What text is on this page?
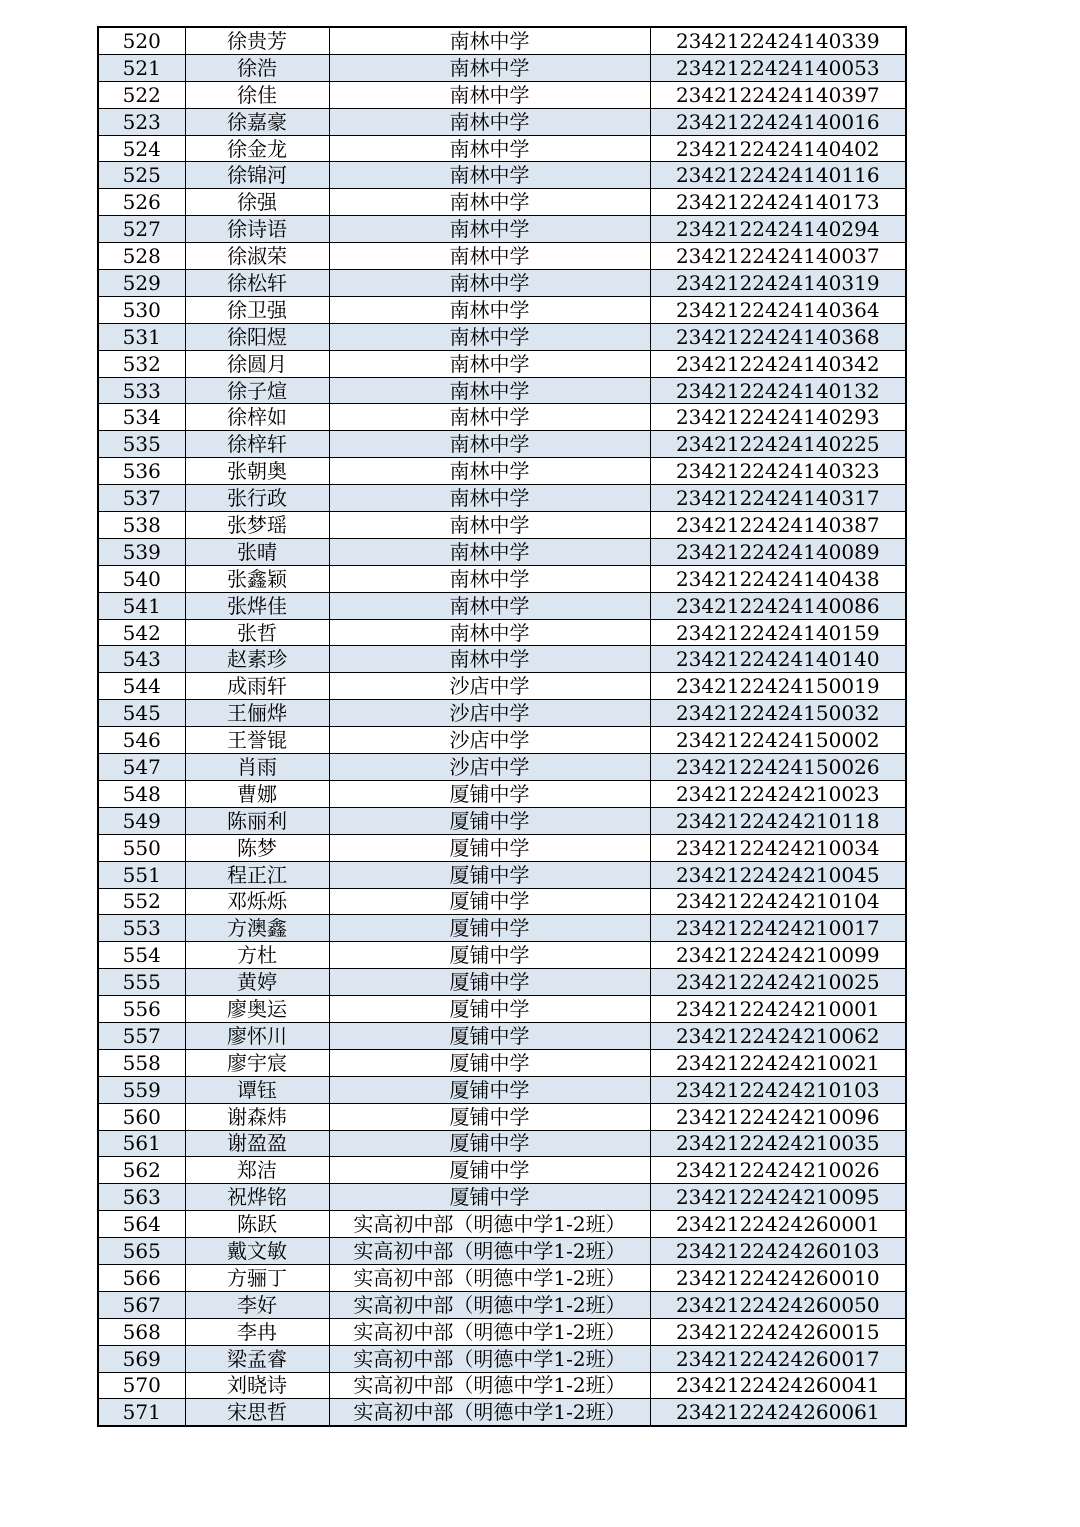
520	徐贵芳	南林中学	2342122424140339
521	徐浩	南林中学	2342122424140053
522	徐佳	南林中学	2342122424140397
523	徐嘉豪	南林中学	2342122424140016
524	徐金龙	南林中学	2342122424140402
525	徐锦河	南林中学	2342122424140116
526	徐强	南林中学	2342122424140173
527	徐诗语	南林中学	2342122424140294
528	徐淑荣	南林中学	2342122424140037
529	徐松轩	南林中学	2342122424140319
530	徐卫强	南林中学	2342122424140364
531	徐阳煜	南林中学	2342122424140368
532	徐圆月	南林中学	2342122424140342
533	徐子煊	南林中学	2342122424140132
534	徐梓如	南林中学	2342122424140293
535	徐梓轩	南林中学	2342122424140225
536	张朝奥	南林中学	2342122424140323
537	张行政	南林中学	2342122424140317
538	张梦瑶	南林中学	2342122424140387
539	张晴	南林中学	2342122424140089
540	张鑫颖	南林中学	2342122424140438
541	张烨佳	南林中学	2342122424140086
542	张哲	南林中学	2342122424140159
543	赵素珍	南林中学	2342122424140140
544	成雨轩	沙店中学	2342122424150019
545	王俪烨	沙店中学	2342122424150032
546	王誉锟	沙店中学	2342122424150002
547	肖雨	沙店中学	2342122424150026
548	曹娜	厦铺中学	2342122424210023
549	陈丽利	厦铺中学	2342122424210118
550	陈梦	厦铺中学	2342122424210034
551	程正江	厦铺中学	2342122424210045
552	邓烁烁	厦铺中学	2342122424210104
553	方澳鑫	厦铺中学	2342122424210017
554	方杜	厦铺中学	2342122424210099
555	黄婷	厦铺中学	2342122424210025
556	廖奥运	厦铺中学	2342122424210001
557	廖怀川	厦铺中学	2342122424210062
558	廖宇宸	厦铺中学	2342122424210021
559	谭钰	厦铺中学	2342122424210103
560	谢森炜	厦铺中学	2342122424210096
561	谢盈盈	厦铺中学	2342122424210035
562	郑洁	厦铺中学	2342122424210026
563	祝烨铭	厦铺中学	2342122424210095
564	陈跃	实高初中部（明德中学1-2班）	2342122424260001
565	戴文敏	实高初中部（明德中学1-2班）	2342122424260103
566	方骊丁	实高初中部（明德中学1-2班）	2342122424260010
567	李好	实高初中部（明德中学1-2班）	2342122424260050
568	李冉	实高初中部（明德中学1-2班）	2342122424260015
569	梁孟睿	实高初中部（明德中学1-2班）	2342122424260017
570	刘晓诗	实高初中部（明德中学1-2班）	2342122424260041
571	宋思哲	实高初中部（明德中学1-2班）	2342122424260061
